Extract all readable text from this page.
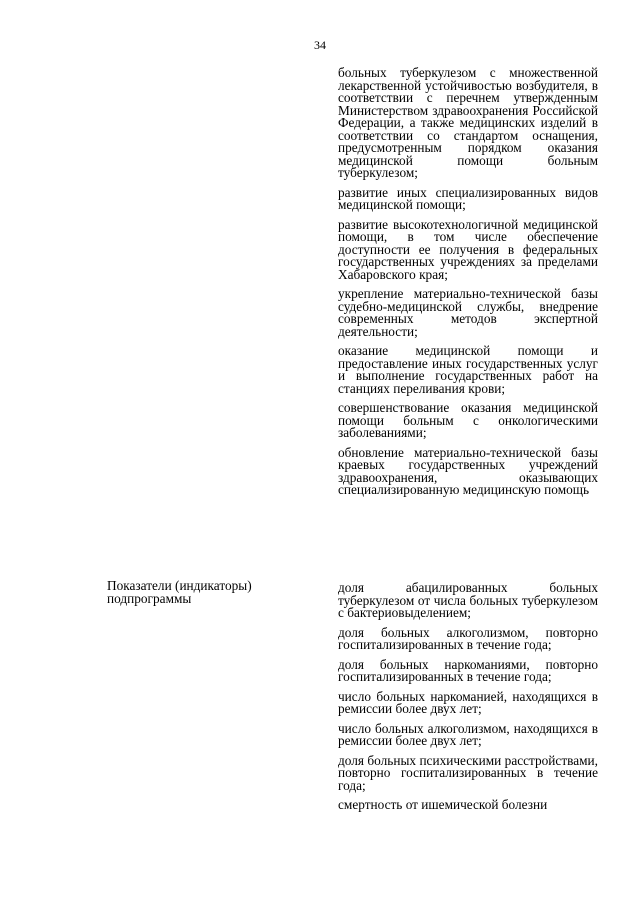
34

больных туберкулезом с множественной лекарственной устойчивостью возбудителя, в соответствии с перечнем утвержденным Министерством здравоохранения Российской Федерации, а также медицинских изделий в соответствии со стандартом оснащения, предусмотренным порядком оказания медицинской помощи больным туберкулезом;

развитие иных специализированных видов медицинской помощи;

развитие высокотехнологичной медицинской помощи, в том числе обеспечение доступности ее получения в федеральных государственных учреждениях за пределами Хабаровского края;

укрепление материально-технической базы судебно-медицинской службы, внедрение современных методов экспертной деятельности;

оказание медицинской помощи и предоставление иных государственных услуг и выполнение государственных работ на станциях переливания крови;

совершенствование оказания медицинской помощи больным с онкологическими заболеваниями;

обновление материально-технической базы краевых государственных учреждений здравоохранения, оказывающих специализированную медицинскую помощь

Показатели (индикаторы) подпрограммы

доля абацилированных больных туберкулезом от числа больных туберкулезом с бактериовыделением;

доля больных алкоголизмом, повторно госпитализированных в течение года;

доля больных наркоманиями, повторно госпитализированных в течение года;

число больных наркоманией, находящихся в ремиссии более двух лет;

число больных алкоголизмом, находящихся в ремиссии более двух лет;

доля больных психическими расстройствами, повторно госпитализированных в течение года;

смертность от ишемической болезни
